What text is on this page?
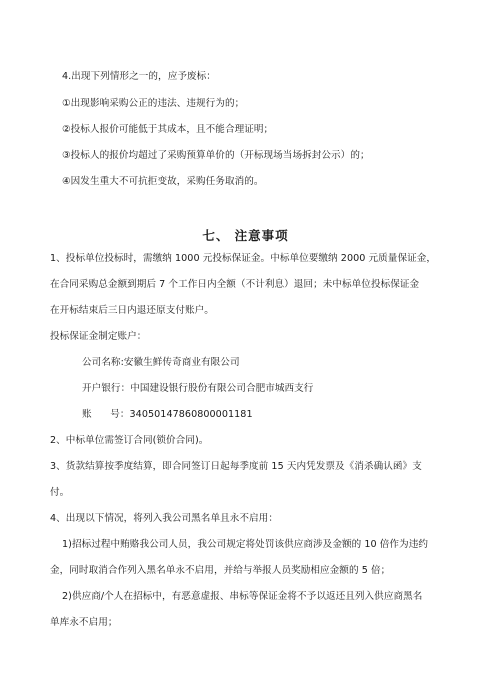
4.出现下列情形之一的，应予废标：
①出现影响采购公正的违法、违规行为的；
②投标人报价可能低于其成本，且不能合理证明；
③投标人的报价均超过了采购预算单价的（开标现场当场拆封公示）的；
④因发生重大不可抗拒变故，采购任务取消的。
七、 注意事项
1、投标单位投标时，需缴纳 1000 元投标保证金。中标单位要缴纳 2000 元质量保证金，
在合同采购总金额到期后 7 个工作日内全额（不计利息）退回；未中标单位投标保证金
在开标结束后三日内退还原支付账户。
投标保证金制定账户：
公司名称:安徽生鲜传奇商业有限公司
开户银行：中国建设银行股份有限公司合肥市城西支行
账      号：34050147860800001181
2、中标单位需签订合同(锁价合同)。
3、货款结算按季度结算，即合同签订日起每季度前 15 天内凭发票及《消杀确认函》支
付。
4、出现以下情况，将列入我公司黑名单且永不启用：
1)招标过程中贿赂我公司人员，我公司规定将处罚该供应商涉及金额的 10 倍作为违约
金，同时取消合作列入黑名单永不启用，并给与举报人员奖励相应金额的 5 倍；
2)供应商/个人在招标中，有恶意虚报、串标等保证金将不予以返还且列入供应商黑名
单库永不启用；
